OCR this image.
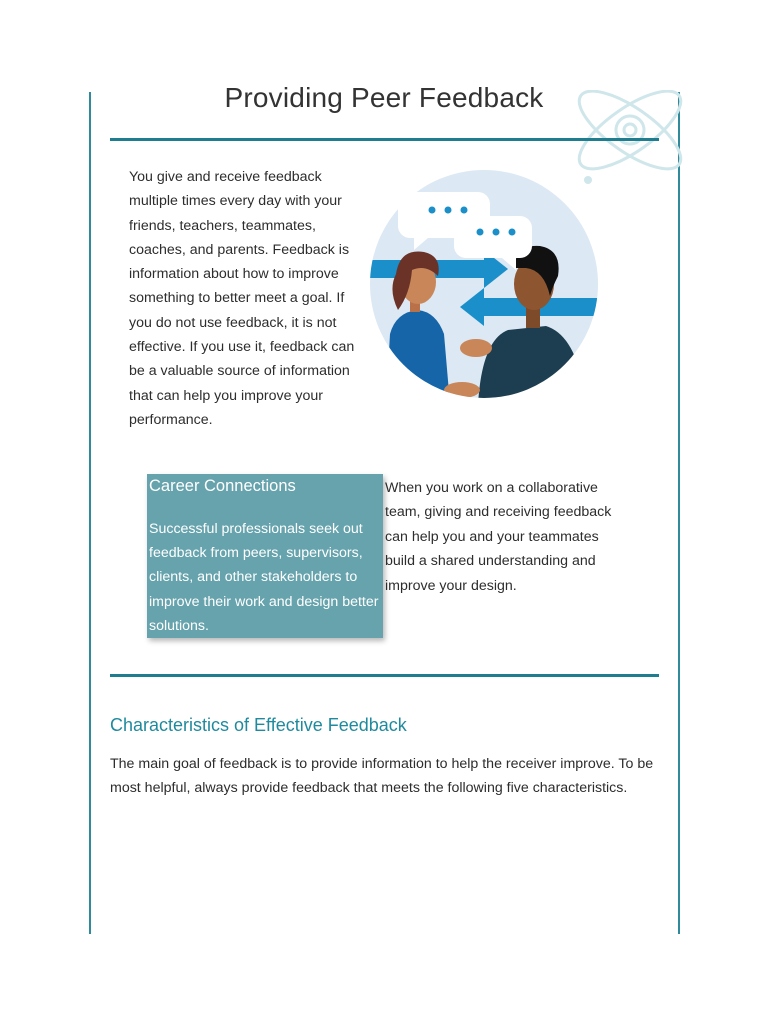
Providing Peer Feedback

You give and receive feedback multiple times every day with your friends, teachers, teammates, coaches, and parents. Feedback is information about how to improve something to better meet a goal. If you do not use feedback, it is not effective. If you use it, feedback can be a valuable source of information that can help you improve your performance.

Career Connections

Successful professionals seek out feedback from peers, supervisors, clients, and other stakeholders to improve their work and design better solutions.

When you work on a collaborative team, giving and receiving feedback can help you and your teammates build a shared understanding and improve your design.

Characteristics of Effective Feedback

The main goal of feedback is to provide information to help the receiver improve. To be most helpful, always provide feedback that meets the following five characteristics.
